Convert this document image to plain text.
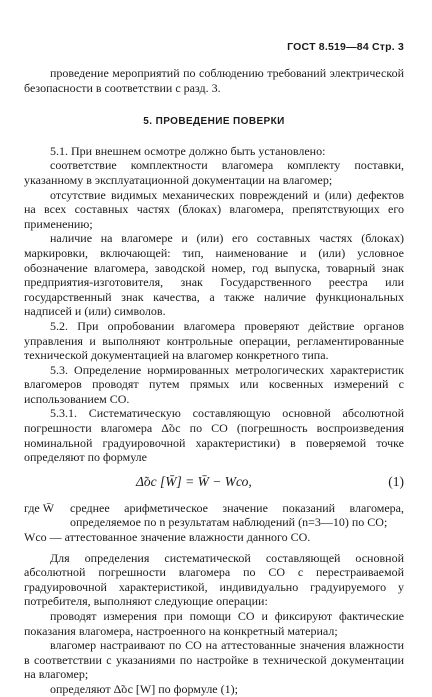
ГОСТ 8.519—84 Стр. 3

проведение мероприятий по соблюдению требований электрической безопасности в соответствии с разд. 3.

5. ПРОВЕДЕНИЕ ПОВЕРКИ

5.1. При внешнем осмотре должно быть установлено:

соответствие комплектности влагомера комплекту поставки, указанному в эксплуатационной документации на влагомер;

отсутствие видимых механических повреждений и (или) дефектов на всех составных частях (блоках) влагомера, препятствующих его применению;

наличие на влагомере и (или) его составных частях (блоках) маркировки, включающей: тип, наименование и (или) условное обозначение влагомера, заводской номер, год выпуска, товарный знак предприятия-изготовителя, знак Государственного реестра или государственный знак качества, а также наличие функциональных надписей и (или) символов.

5.2. При опробовании влагомера проверяют действие органов управления и выполняют контрольные операции, регламентированные технической документацией на влагомер конкретного типа.

5.3. Определение нормированных метрологических характеристик влагомеров проводят путем прямых или косвенных измерений с использованием СО.

5.3.1. Систематическую составляющую основной абсолютной погрешности влагомера Δ̃ос по СО (погрешность воспроизведения номинальной градуировочной характеристики) в поверяемой точке определяют по формуле

Δ̃ос [W̄] = W̄ − Wсо,	(1)
где W̄ среднее арифметическое значение показаний влагомера, определяемое по n результатам наблюдений (n=3—10) по СО;

Wсо — аттестованное значение влажности данного СО.

Для определения систематической составляющей основной абсолютной погрешности влагомера по СО с перестраиваемой градуировочной характеристикой, индивидуально градуируемого у потребителя, выполняют следующие операции:

проводят измерения при помощи СО и фиксируют фактические показания влагомера, настроенного на конкретный материал;

влагомер настраивают по СО на аттестованные значения влажности в соответствии с указаниями по настройке в технической документации на влагомер;

определяют Δ̃ос [W] по формуле (1);
